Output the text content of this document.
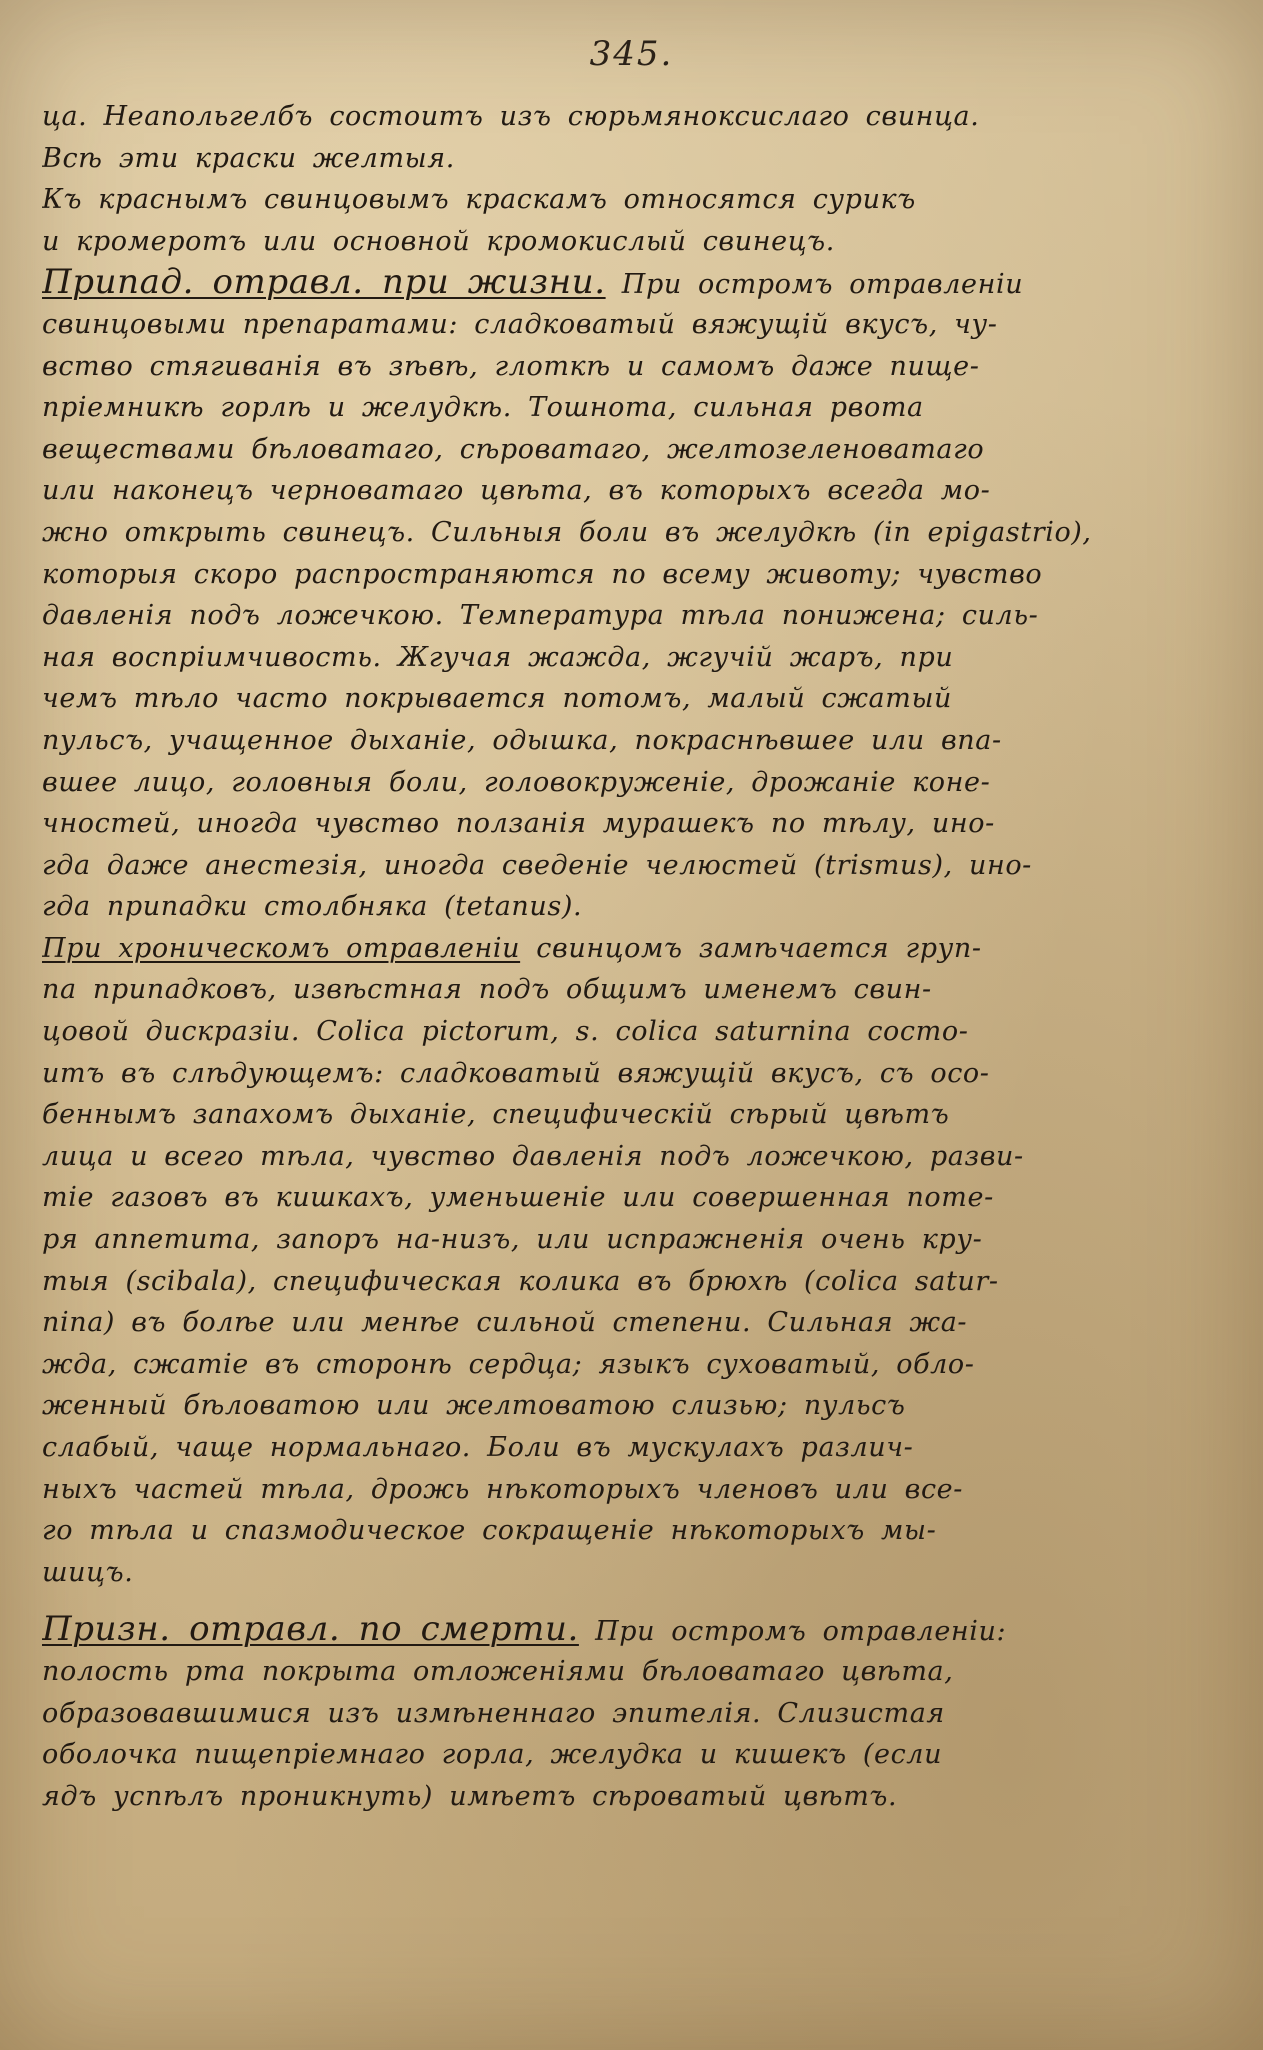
345.
ца. Неапольгелбъ состоитъ изъ сюрьмяноксислаго свинца.
Всѣ эти краски желтыя.
Къ краснымъ свинцовымъ краскамъ относятся сурикъ
и кромеротъ или основной кромокислый свинецъ.
Припад. отравл. при жизни. При остромъ отравленіи
свинцовыми препаратами: сладковатый вяжущій вкусъ, чу-
вство стягиванія въ зѣвѣ, глоткѣ и самомъ даже пище-
пріемникѣ горлѣ и желудкѣ. Тошнота, сильная рвота
веществами бѣловатаго, сѣроватаго, желтозеленоватаго
или наконецъ черноватаго цвѣта, въ которыхъ всегда мо-
жно открыть свинецъ. Сильныя боли въ желудкѣ (in epigastrio),
которыя скоро распространяются по всему животу; чувство
давленія подъ ложечкою. Температура тѣла понижена; силь-
ная воспріимчивость. Жгучая жажда, жгучій жаръ, при
чемъ тѣло часто покрывается потомъ, малый сжатый
пульсъ, учащенное дыханіе, одышка, покраснѣвшее или впа-
вшее лицо, головныя боли, головокруженіе, дрожаніе коне-
чностей, иногда чувство ползанія мурашекъ по тѣлу, ино-
гда даже анестезія, иногда сведеніе челюстей (trismus), ино-
гда припадки столбняка (tetanus).
При хроническомъ отравленіи свинцомъ замѣчается груп-
па припадковъ, извѣстная подъ общимъ именемъ свин-
цовой дискразіи. Colica pictorum, s. colica saturnina состо-
итъ въ слѣдующемъ: сладковатый вяжущій вкусъ, съ осо-
беннымъ запахомъ дыханіе, специфическій сѣрый цвѣтъ
лица и всего тѣла, чувство давленія подъ ложечкою, разви-
тіе газовъ въ кишкахъ, уменьшеніе или совершенная поте-
ря аппетита, запоръ на-низъ, или испражненія очень кру-
тыя (scibala), специфическая колика въ брюхѣ (colica satur-
nina) въ болѣе или менѣе сильной степени. Сильная жа-
жда, сжатіе въ сторонѣ сердца; языкъ суховатый, обло-
женный бѣловатою или желтоватою слизью; пульсъ
слабый, чаще нормальнаго. Боли въ мускулахъ различ-
ныхъ частей тѣла, дрожь нѣкоторыхъ членовъ или все-
го тѣла и спазмодическое сокращеніе нѣкоторыхъ мы-
шицъ.
Призн. отравл. по смерти. При остромъ отравленіи:
полость рта покрыта отложеніями бѣловатаго цвѣта,
образовавшимися изъ измѣненнаго эпителія. Слизистая
оболочка пищепріемнаго горла, желудка и кишекъ (если
ядъ успѣлъ проникнуть) имѣетъ сѣроватый цвѣтъ.
